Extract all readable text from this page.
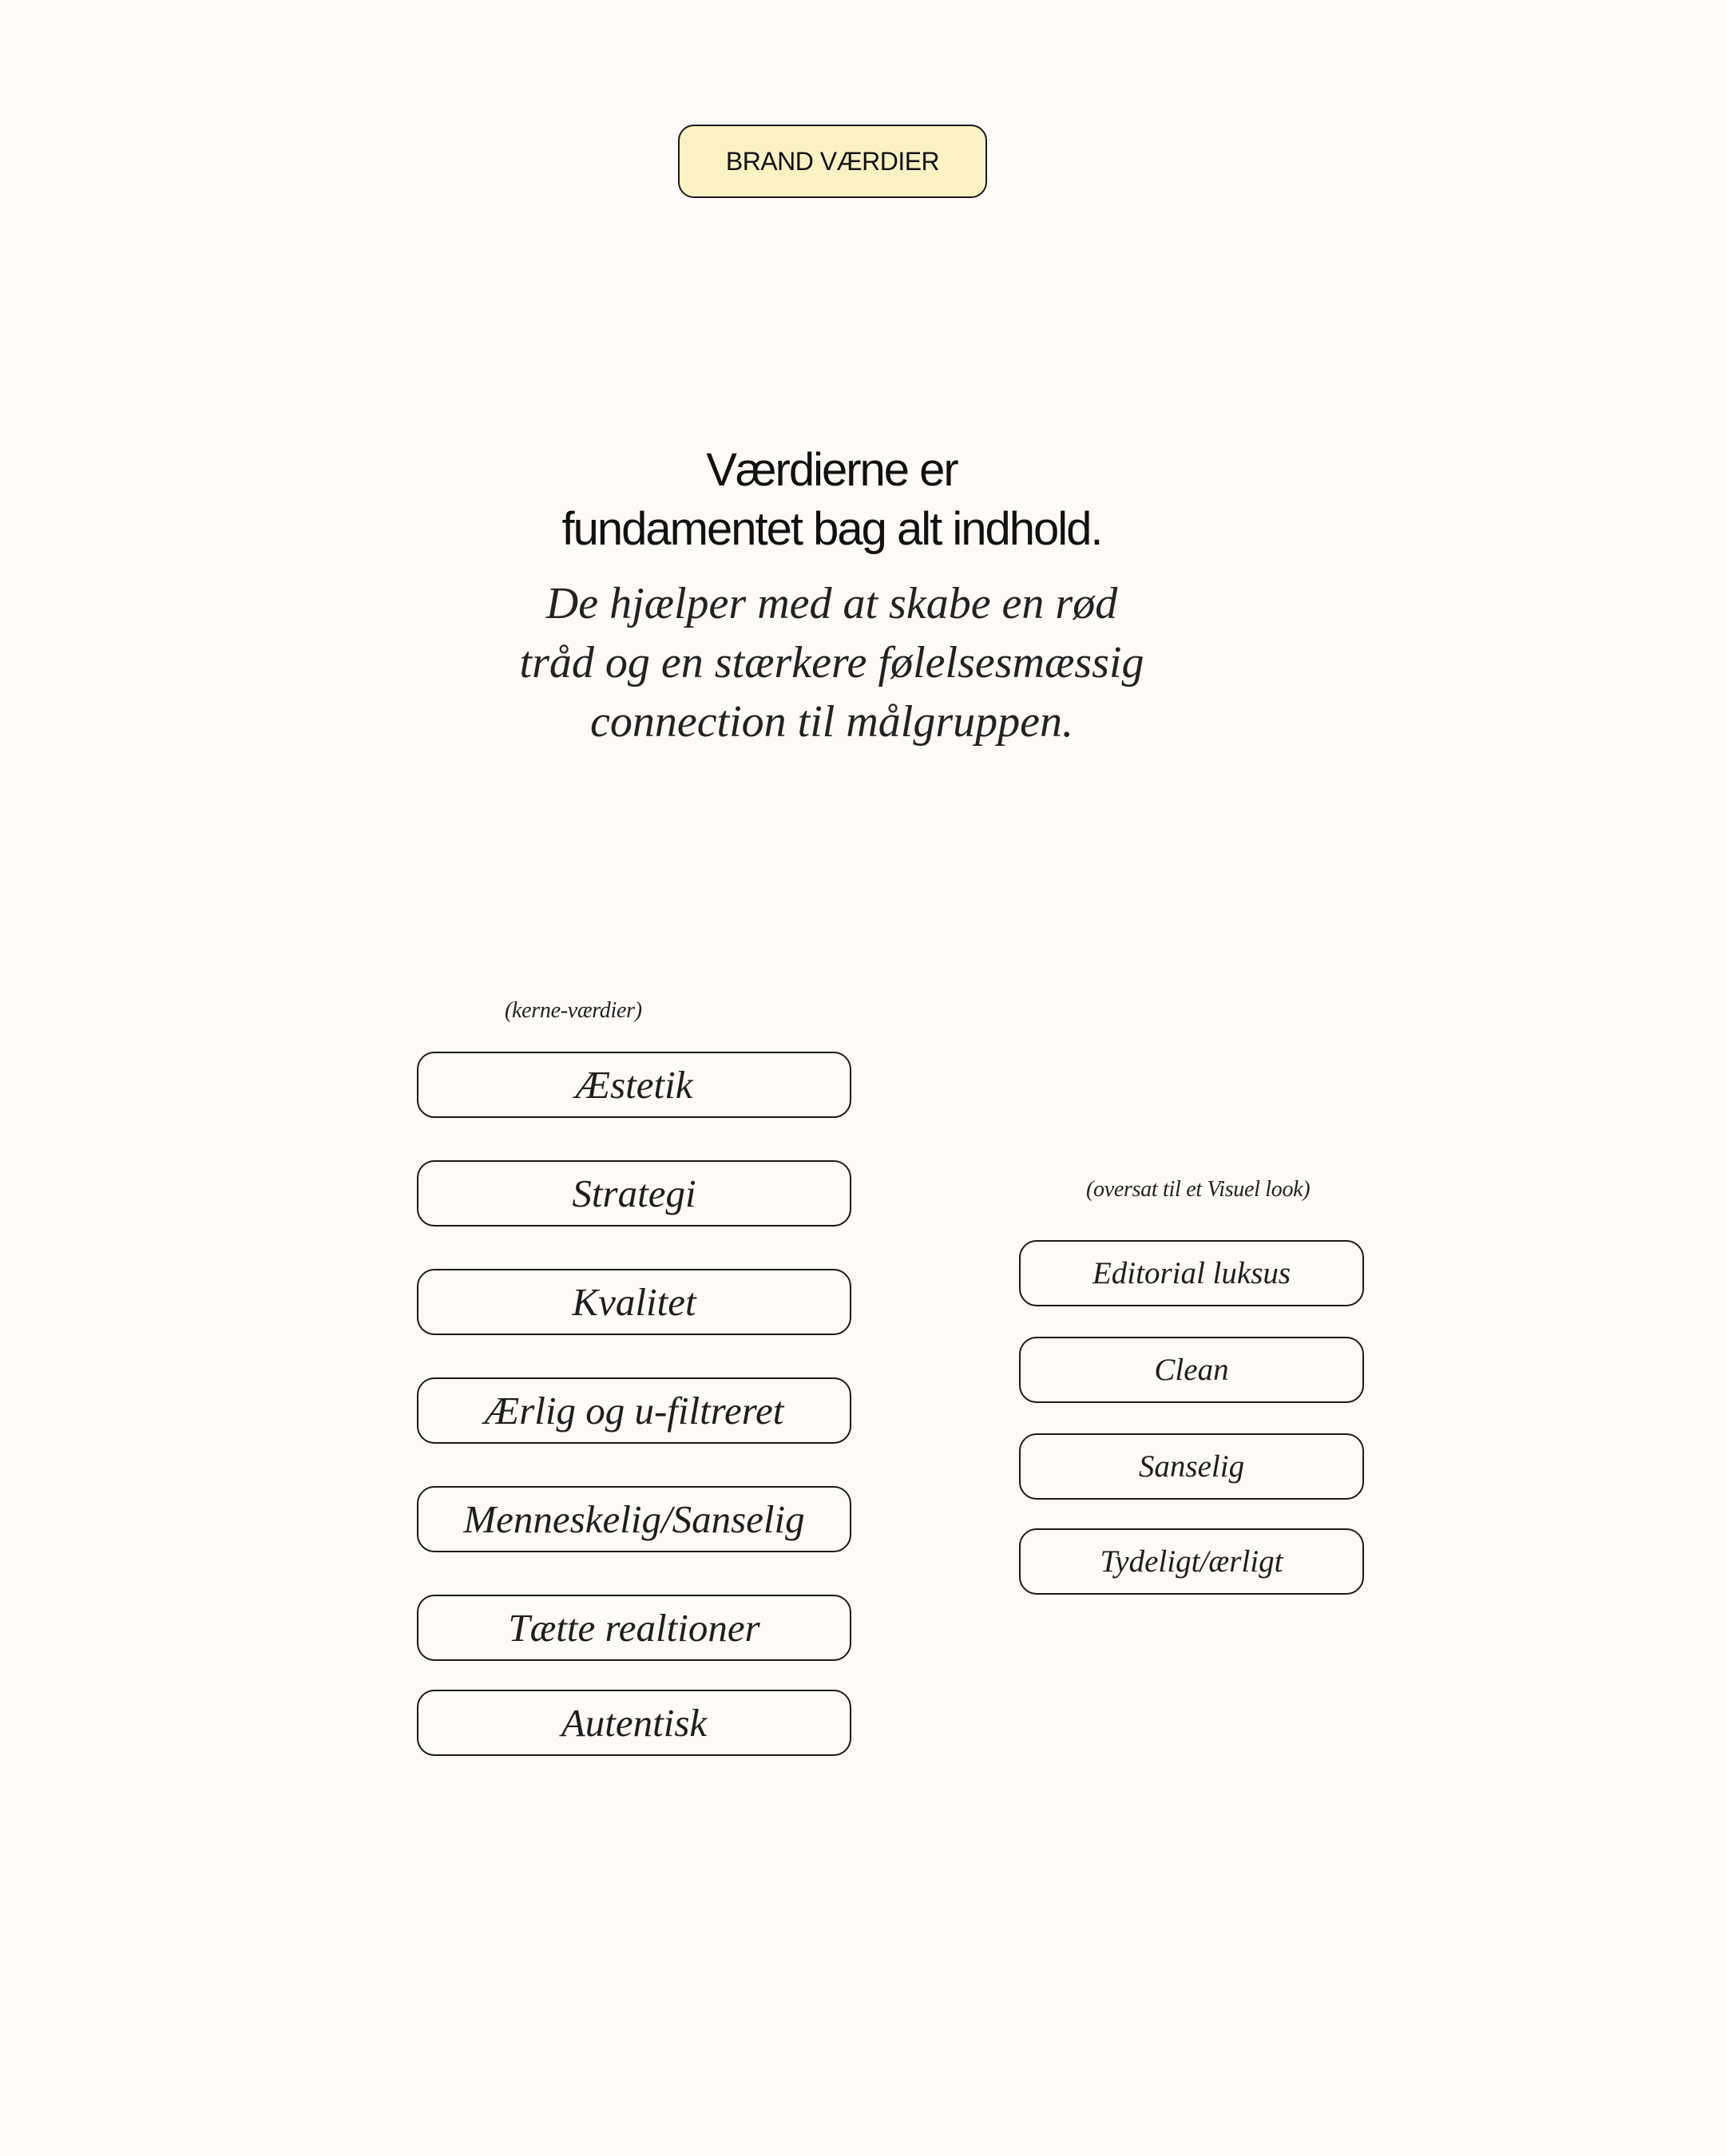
BRAND VÆRDIER
Værdierne er
fundamentet bag alt indhold.
De hjælper med at skabe en rød
tråd og en stærkere følelsesmæssig
connection til målgruppen.
(kerne-værdier)
Æstetik
Strategi
Kvalitet
Ærlig og u-filtreret
Menneskelig/Sanselig
Tætte realtioner
Autentisk
(oversat til et Visuel look)
Editorial luksus
Clean
Sanselig
Tydeligt/ærligt
